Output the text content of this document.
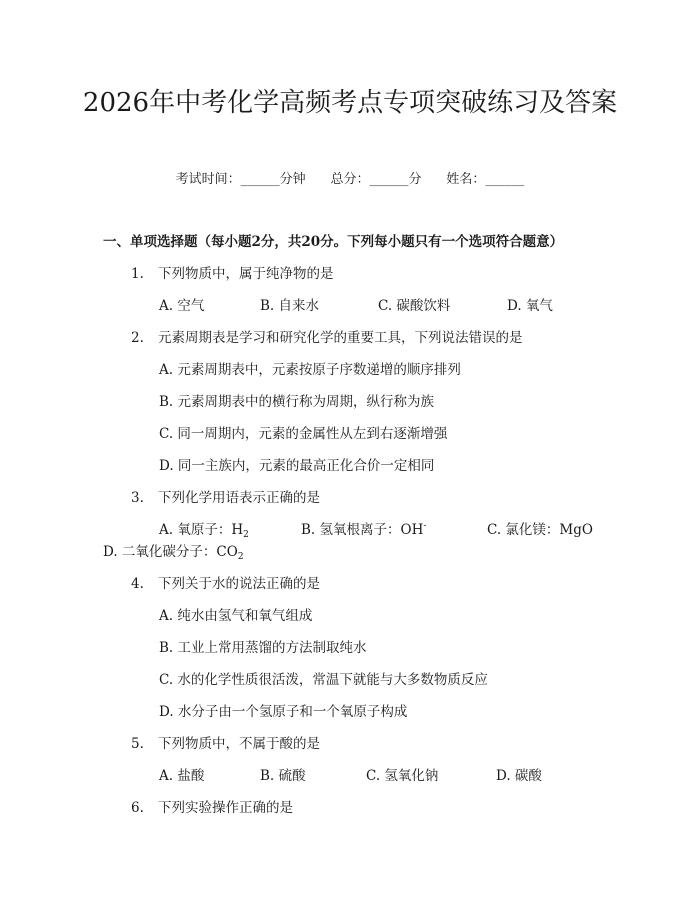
2026年中考化学高频考点专项突破练习及答案
考试时间：______分钟 总分：______分 姓名：______
一、单项选择题（每小题2分，共20分。下列每小题只有一个选项符合题意）
1. 下列物质中，属于纯净物的是
A. 空气	B. 自来水	C. 碳酸饮料	D. 氧气
2. 元素周期表是学习和研究化学的重要工具，下列说法错误的是
A. 元素周期表中，元素按原子序数递增的顺序排列
B. 元素周期表中的横行称为周期，纵行称为族
C. 同一周期内，元素的金属性从左到右逐渐增强
D. 同一主族内，元素的最高正化合价一定相同
3. 下列化学用语表示正确的是
A. 氧原子：$H_2$	B. 氢氧根离子：OH-	C. 氯化镁：MgO
D. 二氧化碳分子：$CO_2$
4. 下列关于水的说法正确的是
A. 纯水由氢气和氧气组成
B. 工业上常用蒸馏的方法制取纯水
C. 水的化学性质很活泼，常温下就能与大多数物质反应
D. 水分子由一个氢原子和一个氧原子构成
5. 下列物质中，不属于酸的是
A. 盐酸	B. 硫酸	C. 氢氧化钠	D. 碳酸
6. 下列实验操作正确的是
